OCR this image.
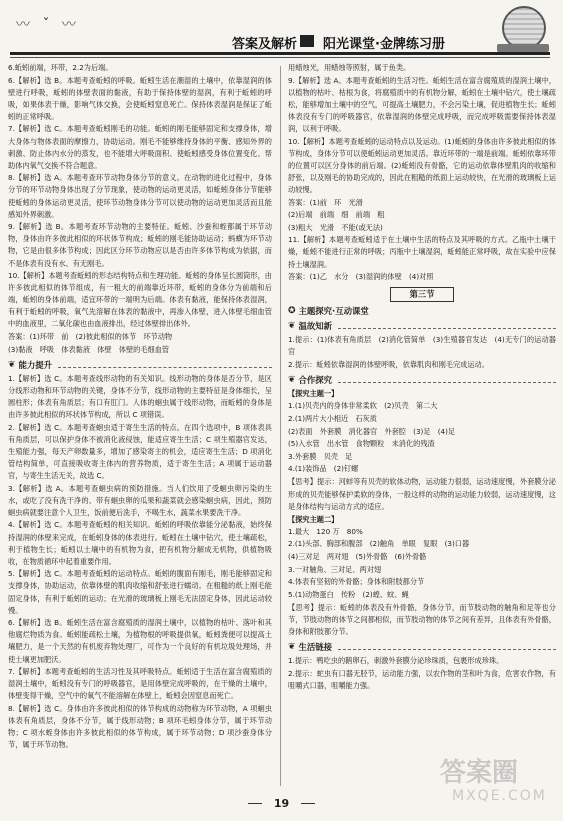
〰 ˇ 〰
答案及解析 阳光课堂·金牌练习册
6.蚯蚓前端，环带，2.2为后端。
6.【解析】选 B。本题考查蚯蚓的呼吸。蚯蚓生活在潮湿的土壤中，依靠湿润的体壁进行呼吸，蚯蚓的体壁表面的黏液，有助于保持体壁的湿润，有利于蚯蚓的呼吸，如果体表干燥，影响气体交换，会使蚯蚓窒息死亡。保持体表湿润是保证了蚯蚓的正常呼吸。
7.【解析】选 C。本题考查蚯蚓刚毛的功能。蚯蚓的刚毛能够固定和支撑身体，增大身体与物体表面的摩擦力，协助运动。刚毛不能够维持身体的平衡、感知外界的刺激、防止体内水分的蒸发，也不能增大呼吸面积、使蚯蚓感受身体位置变化、帮助体内氧气交换不符合题意。
8.【解析】选 A。本题考查环节动物身体分节的意义。在动物的进化过程中，身体分节的环节动物身体出现了分节现象，使动物的运动更灵活，如蚯蚓身体分节能够使蚯蚓的身体运动更灵活，使环节动物身体分节可以使动物的运动更加灵活而且能感知外界刺激。
9.【解析】选 B。本题考查环节动物的主要特征。蚯蚓、沙蚕和蛭都属于环节动物，身体由许多彼此相似的环状体节构成；蚯蚓的刚毛能协助运动；蚂蟥为环节动物，它是由很多体节构成；因此区分环节动物应以是否由许多体节构成为依据，而不是体表有没有水、有无刚毛。
10.【解析】本题考查蚯蚓的形态结构特点和生理功能。蚯蚓的身体呈长圆筒形，由许多彼此相似的体节组成，有一粗大的前端靠近环带，蚯蚓的身体分为前端和后端，蚯蚓的身体前端，适宜环带的一端明为后端。体表有黏液，能保持体表湿润，有利于蚯蚓的呼吸，氧气先溶解在体表的黏液中，再渗入体壁，进入体壁毛细血管中的血液里，二氧化碳也由血液排出，经过体壁排出体外。
答案：(1)环带　前　(2)彼此相似的体节　环节动物
(3)黏液　呼吸　体表黏液　体壁　体壁的毛细血管
❦ 能力提升
1.【解析】选 C。本题考查线形动物的有关知识。线形动物的身体是否分节，是区分线形动物和环节动物的关键，身体不分节，线形动物的主要特征是身体细长，呈圆柱形；体表有角质层；有口有肛门。人体的蛔虫属于线形动物，而蚯蚓的身体是由许多彼此相似的环状体节构成，所以 C 项错误。
2.【解析】选 C。本题考查蛔虫适于寄生生活的特点。在四个选项中，B 项体表具有角质层，可以保护身体不被消化液侵蚀，能适应寄生生活；C 项生殖器官发达，生殖能力强，每天产卵数量多，增加了感染寄主的机会，适应寄生生活；D 项消化管结构简单，可直接吸收寄主体内的营养物质，适于寄生生活；A 项属于运动器官，与寄生生活无关，故选 C。
3.【解析】选 A。本题考查蛔虫病的预防措施。当人们饮用了受蛔虫卵污染的生水，或吃了没有洗干净的、带有蛔虫卵的瓜果和蔬菜就会感染蛔虫病，因此，预防蛔虫病就要注意个人卫生，饭前便后洗手，不喝生水，蔬菜水果要洗干净。
4.【解析】选 C。本题考查蚯蚓的相关知识。蚯蚓的呼吸依靠能分泌黏液，始终保持湿润的体壁来完成，在蚯蚓身体的体表进行。蚯蚓在土壤中钻穴，使土壤疏松，利于植物生长；蚯蚓以土壤中的有机物为食，把有机物分解成无机物，供植物吸收，在物质循环中起着重要作用。
5.【解析】选 C。本题考查蚯蚓的运动特点。蚯蚓的腹面有刚毛，刚毛能够固定和支撑身体，协助运动，依靠体壁的肌肉收缩和舒张进行蠕动。在粗糙的纸上刚毛能固定身体，有利于蚯蚓的运动；在光滑的玻璃板上刚毛无法固定身体，因此运动较慢。
6.【解析】选 B。蚯蚓生活在富含腐殖质的湿润土壤中，以植物的枯叶、落叶和其他腐烂物质为食。蚯蚓能疏松土壤，为植物根的呼吸提供氧，蚯蚓粪便可以提高土壤肥力，是一个天然的有机废弃物处理厂，可作为一个良好的有机垃圾处理场，并使土壤更加肥沃。
7.【解析】本题考查蚯蚓的生活习性及其呼吸特点。蚯蚓适于生活在富含腐殖质的湿润土壤中，蚯蚓没有专门的呼吸器官，是用体壁完成呼吸的，在干燥的土壤中，体壁变得干燥，空气中的氧气不能溶解在体壁上，蚯蚓会因窒息而死亡。
8.【解析】选 C。身体由许多彼此相似的体节构成的动物称为环节动物，A 项蛔虫体表有角质层，身体不分节，属于线形动物；B 项环毛蚓身体分节，属于环节动物；C 项水蛭身体由许多彼此相似的体节构成，属于环节动物；D 项沙蚕身体分节，属于环节动物。
用蜡烛光，用蜡烛等照射，属于鱼类。
9.【解析】选 A。本题考查蚯蚓的生活习性。蚯蚓生活在富含腐殖质的湿润土壤中，以植物的枯叶、枯根为食，将腐殖质中的有机物分解，蚯蚓在土壤中钻穴，使土壤疏松，能够增加土壤中的空气，可提高土壤肥力，不会污染土壤，促进植物生长；蚯蚓体表没有专门的呼吸器官，依靠湿润的体壁完成呼吸，而完成呼吸需要保持体表湿润，以利于呼吸。
10.【解析】本题考查蚯蚓的运动特点以及运动。(1)蚯蚓的身体由许多彼此相似的体节构成，身体分节可以使蚯蚓运动更加灵活。靠近环带的一端是前端。蚯蚓依靠环带的位置可以区分身体的前后端。(2)蚯蚓没有骨骼，它的运动依靠体壁肌肉的收缩和舒张，以及刚毛的协助完成的，因此在粗糙的纸面上运动较快，在光滑的玻璃板上运动较慢。
答案：(1)前　环　光滑
(2)后端　前端　细　前端　粗
(3)粗大　光滑　不能(或无法)
11.【解析】本题考查蚯蚓适于在土壤中生活的特点及其呼吸的方式。乙瓶中土壤干燥，蚯蚓不能进行正常的呼吸；丙瓶中土壤湿润，蚯蚓能正常呼吸，故在实验中应保持土壤湿润。
答案：(1)乙　水分　(3)湿润的体壁　(4)对照
第三节
✪ 主题探究·互动课堂
❦ 温故知新
1.提示：(1)体表有角质层　(2)消化管简单　(3)生殖器官发达　(4)无专门的运动器官
2.提示：蚯蚓依靠湿润的体壁呼吸，依靠肌肉和刚毛完成运动。
❦ 合作探究
【探究主题一】
1.(1)贝壳内的身体非常柔软　(2)贝壳　第二大
2.(1)两片大小相近　石灰质
(2)表面　外套膜　消化器官　外套腔　(3)足　(4)足
(5)入水管　出水管　食物颗粒　未消化的残渣
3.外套膜　贝壳　足
4.(1)装饰品　(2)钉螺
【思考】提示：河蚌等有贝壳的软体动物，运动能力很弱，运动速度慢，外套膜分泌形成的贝壳能够保护柔软的身体，一般这样的动物的运动能力较弱，运动速度慢，这是身体结构与运动方式的适应。
【探究主题二】
1.最大　120 万　80%
2.(1)头部、胸部和腹部　(2)触角　单眼　复眼　(3)口器
(4)三对足　两对翅　(5)外骨骼　(6)外骨骼
3.一对触角、三对足、两对翅
4.体表有坚韧的外骨骼；身体和附肢都分节
5.(1)动物蛋白　传粉　(2)蝗、蚊、蝇
【思考】提示：蚯蚓的体表没有外骨骼，身体分节，而节肢动物的触角和足等也分节，节肢动物的体节之间都相似，而节肢动物的体节之间有差异，且体表有外骨骼，身体和附肢都分节。
❦ 生活链接
1.提示：鸭吃虫的鹅卵石，刺激外套膜分泌珍珠质，包裹形成珍珠。
2.提示：蛇虫有口器无胫节，运动能力强，以农作物的茎和叶为食，危害农作物，有咀嚼式口器，咀嚼能力强。
19
答案圈
MXQE.COM
